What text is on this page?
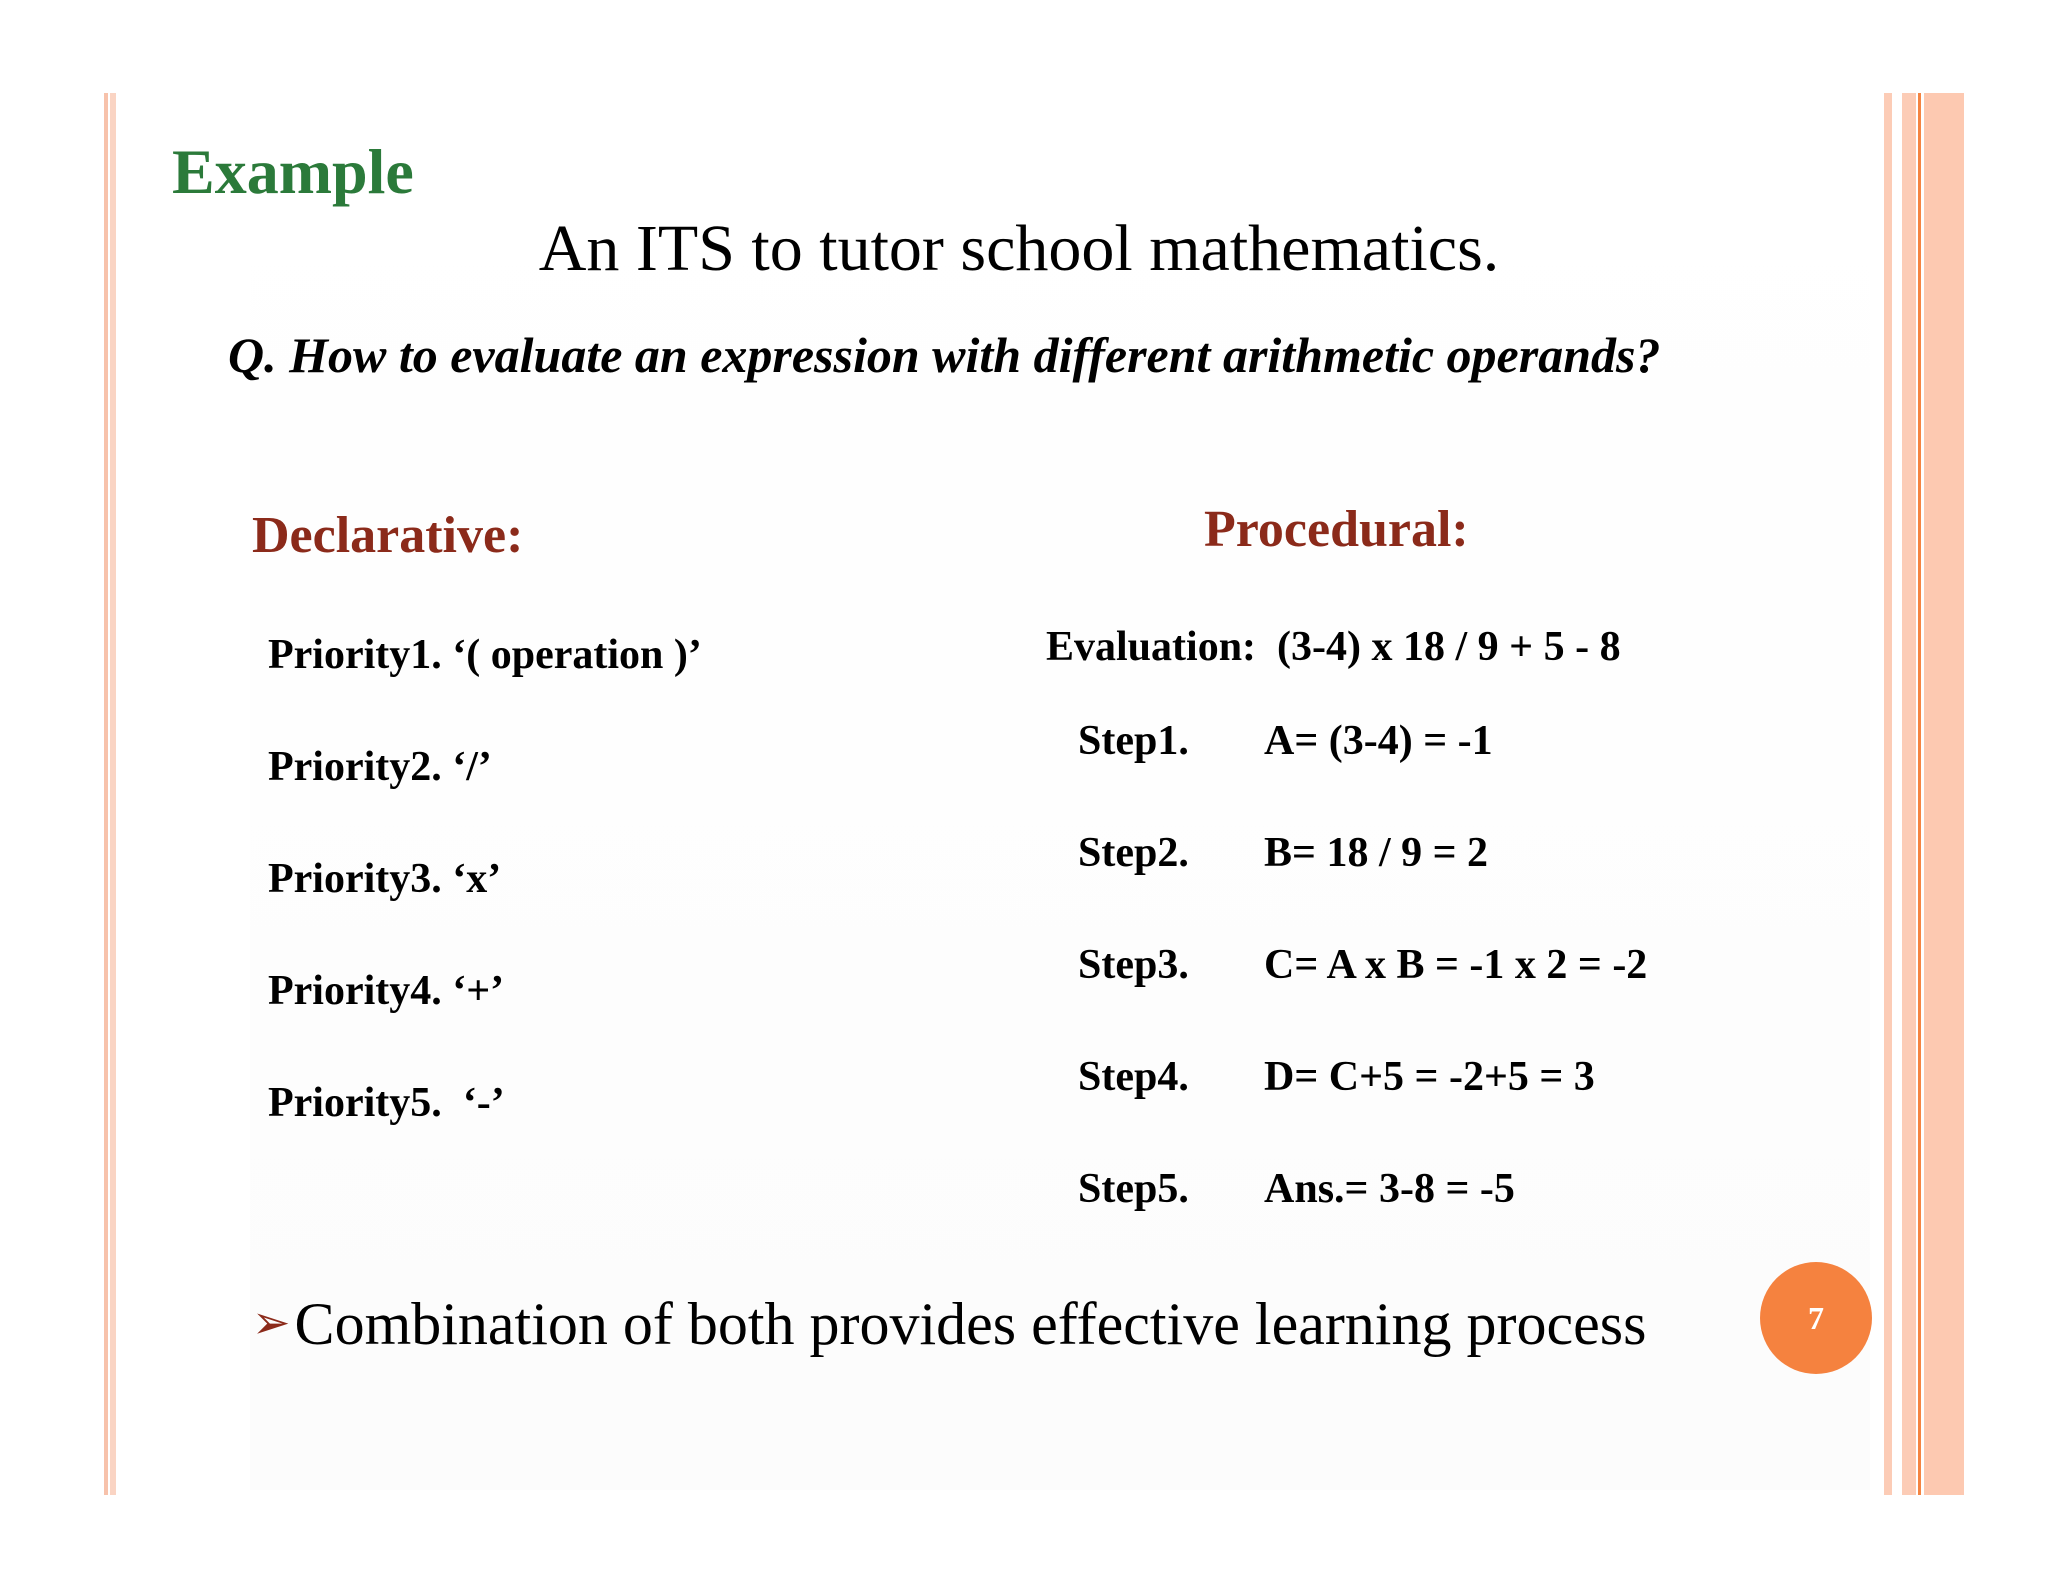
Example
An ITS to tutor school mathematics.
Q. How to evaluate an expression with different arithmetic operands?
Declarative:	Procedural:
Priority1. ‘( operation )’
Priority2. ‘/’
Priority3. ‘x’
Priority4. ‘+’
Priority5.  ‘-’
Evaluation:  (3-4) x 18 / 9 + 5 - 8
Step1. A= (3-4) = -1
Step2. B= 18 / 9 = 2
Step3. C= A x B = -1 x 2 = -2
Step4. D= C+5 = -2+5 = 3
Step5. Ans.= 3-8 = -5
➢Combination of both provides effective learning process	7
